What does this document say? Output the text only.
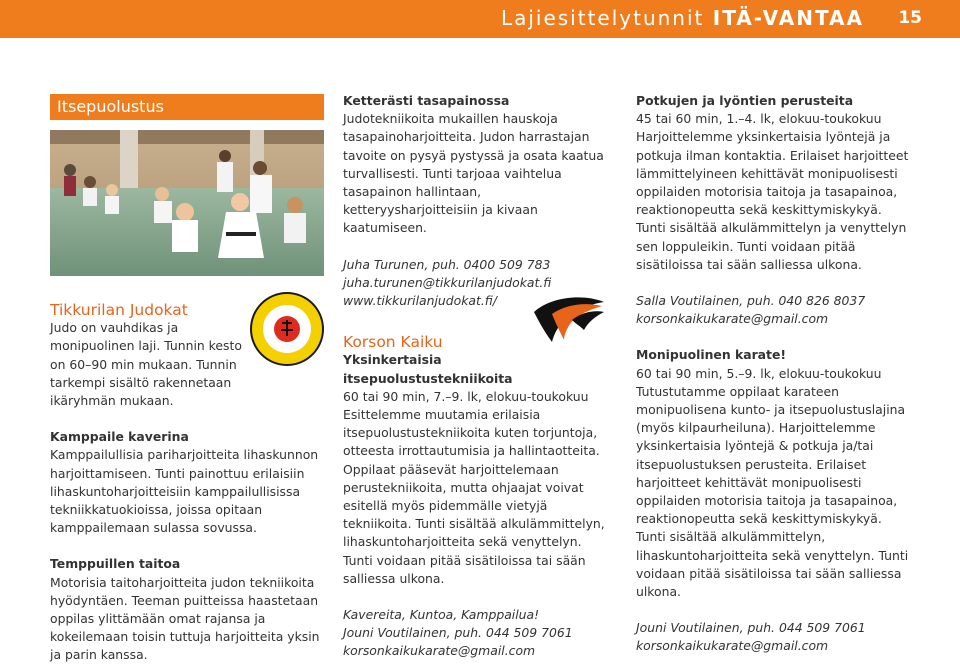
Lajiesittelytunnit ITÄ-VANTAA 15
Itsepuolustus

Tikkurilan Judokat

Judo on vauhdikas ja monipuolinen laji. Tunnin kesto on 60–90 min mukaan. Tunnin tarkempi sisältö rakennetaan ikäryhmän mukaan.

Kamppaile kaverina

Kamppailullisia pariharjoitteita lihaskunnon harjoittamiseen. Tunti painottuu erilaisiin lihaskuntoharjoitteisiin kamppailullisissa tekniikkatuokioissa, joissa opitaan kamppailemaan sulassa sovussa.

Temppuillen taitoa

Motorisia taitoharjoitteita judon tekniikoita hyödyntäen. Teeman puitteissa haastetaan oppilas ylittämään omat rajansa ja kokeilemaan toisin tuttuja harjoitteita yksin ja parin kanssa.

Ketterästi tasapainossa

Judotekniikoita mukaillen hauskoja tasapainoharjoitteita. Judon harrastajan tavoite on pysyä pystyssä ja osata kaatua turvallisesti. Tunti tarjoaa vaihtelua tasapainon hallintaan, ketteryysharjoitteisiin ja kivaan kaatumiseen.

Juha Turunen, puh. 0400 509 783

juha.turunen@tikkurilanjudokat.fi

www.tikkurilanjudokat.fi/

Korson Kaiku

Yksinkertaisia

itsepuolustustekniikoita

60 tai 90 min, 7.–9. lk, elokuu-toukokuu

Esittelemme muutamia erilaisia itsepuolustustekniikoita kuten torjuntoja, otteesta irrottautumisia ja hallintaotteita. Oppilaat pääsevät harjoittelemaan perustekniikoita, mutta ohjaajat voivat esitellä myös pidemmälle vietyjä tekniikoita. Tunti sisältää alkulämmittelyn, lihaskuntoharjoitteita sekä venyttelyn. Tunti voidaan pitää sisätiloissa tai sään salliessa ulkona.

Kavereita, Kuntoa, Kamppailua!

Jouni Voutilainen, puh. 044 509 7061

korsonkaikukarate@gmail.com

Potkujen ja lyöntien perusteita

45 tai 60 min, 1.–4. lk, elokuu-toukokuu

Harjoittelemme yksinkertaisia lyöntejä ja potkuja ilman kontaktia. Erilaiset harjoitteet lämmittelyineen kehittävät monipuolisesti oppilaiden motorisia taitoja ja tasapainoa, reaktionopeutta sekä keskittymiskykyä. Tunti sisältää alkulämmittelyn ja venyttelyn sen loppuleikin. Tunti voidaan pitää sisätiloissa tai sään salliessa ulkona.

Salla Voutilainen, puh. 040 826 8037

korsonkaikukarate@gmail.com

Monipuolinen karate!

60 tai 90 min, 5.–9. lk, elokuu-toukokuu

Tutustutamme oppilaat karateen monipuolisena kunto- ja itsepuolustuslajina (myös kilpaurheiluna). Harjoittelemme yksinkertaisia lyöntejä & potkuja ja/tai itsepuolustuksen perusteita. Erilaiset harjoitteet kehittävät monipuolisesti oppilaiden motorisia taitoja ja tasapainoa, reaktionopeutta sekä keskittymiskykyä. Tunti sisältää alkulämmittelyn, lihaskuntoharjoitteita sekä venyttelyn. Tunti voidaan pitää sisätiloissa tai sään salliessa ulkona.

Jouni Voutilainen, puh. 044 509 7061

korsonkaikukarate@gmail.com
